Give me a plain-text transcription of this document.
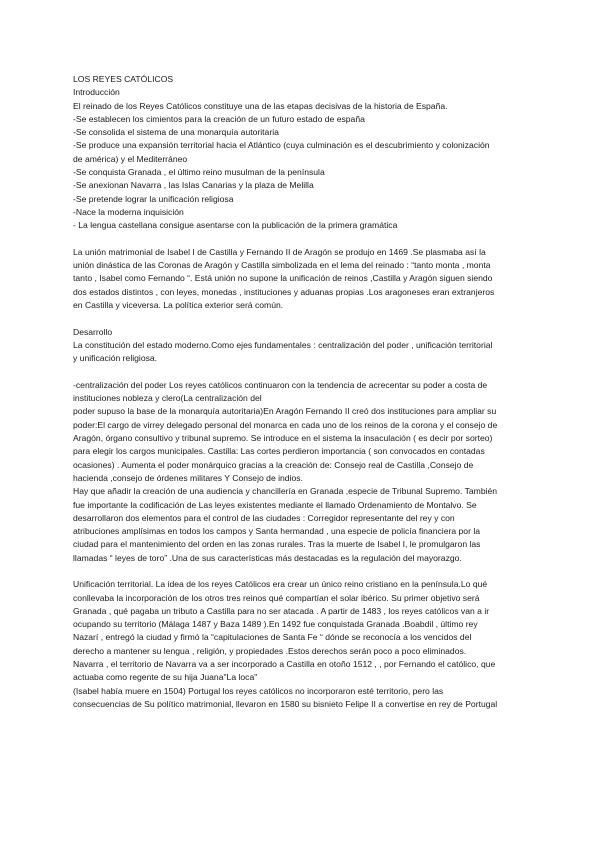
LOS REYES CATÓLICOS
Introducción
El reinado de los Reyes Católicos constituye una de las etapas decisivas de la historia de España.
-Se establecen los cimientos para la creación de un futuro estado de españa
-Se consolida el sistema de una monarquía autoritaria
-Se produce una expansión territorial hacia el Atlántico (cuya culminación es el descubrimiento y colonización
de américa) y el Mediterráneo
-Se conquista Granada , el último reino musulman de la península
-Se anexionan Navarra , las Islas Canarias y la plaza de Melilla
-Se pretende lograr la unificación religiosa
-Nace la moderna inquisición
- La lengua castellana consigue asentarse con la publicación de la primera gramática
La unión matrimonial de Isabel I de Castilla y Fernando II de Aragón se produjo en 1469 .Se plasmaba así la
unión dinástica de las Coronas de Aragón y Castilla simbolizada en el lema del reinado : “tanto monta , monta
tanto , Isabel como Fernando “. Está unión no supone la unificación de reinos ,Castilla y Aragón siguen siendo
dos estados distintos , con leyes, monedas , instituciones y aduanas propias .Los aragoneses eran extranjeros
en Castilla y viceversa. La política exterior será común.
Desarrollo
La constitución del estado moderno.Como ejes fundamentales : centralización del poder , unificación territorial
y unificación religiosa.
-centralización del poder Los reyes católicos continuaron con la tendencia de acrecentar su poder a costa de
instituciones nobleza y clero(La centralización del
poder supuso la base de la monarquía autoritaria)En Aragón Fernando II creó dos instituciones para ampliar su
poder:El cargo de virrey delegado personal del monarca en cada uno de los reinos de la corona y el consejo de
Aragón, órgano consultivo y tribunal supremo. Se introduce en el sistema la insaculación ( es decir por sorteo)
para elegir los cargos municipales. Castilla: Las cortes perdieron importancia ( son convocados en contadas
ocasiones) . Aumenta el poder monárquico gracias a la creación de: Consejo real de Castilla ,Consejo de
hacienda ,consejo de órdenes militares Y Consejo de indios.
Hay que añadir la creación de una audiencia y chancillería en Granada ,especie de Tribunal Supremo. También
fue importante la codificación de Las leyes existentes mediante el llamado Ordenamiento de Montalvo. Se
desarrollaron dos elementos para el control de las ciudades : Corregidor representante del rey y con
atribuciones amplísimas en todos los campos y Santa hermandad , una especie de policía financiera por la
ciudad para el mantenimiento del orden en las zonas rurales. Tras la muerte de Isabel I, le promulgaron las
llamadas “ leyes de toro” .Una de sus características más destacadas es la regulación del mayorazgo.
Unificación territorial. La idea de los reyes Católicos era crear un único reino cristiano en la península.Lo qué
conllevaba la incorporación de los otros tres reinos qué compartían el solar ibérico. Su primer objetivo será
Granada , qué pagaba un tributo a Castilla para no ser atacada . A partir de 1483 , los reyes católicos van a ir
ocupando su territorio (Málaga 1487 y Baza 1489 ).En 1492 fue conquistada Granada .Boabdil , último rey
Nazarí , entregó la ciudad y firmó la “capitulaciones de Santa Fe “ dónde se reconocía a los vencidos del
derecho a mantener su lengua , religión, y propiedades .Estos derechos serán poco a poco eliminados.
Navarra , el territorio de Navarra va a ser incorporado a Castilla en otoño 1512 , , por Fernando el católico, que
actuaba como regente de su hija Juana"La loca"
(Isabel había muere en 1504) Portugal los reyes católicos no incorporaron esté territorio, pero las
consecuencias de Su político matrimonial, llevaron en 1580 su bisnieto Felipe II a convertise en rey de Portugal
